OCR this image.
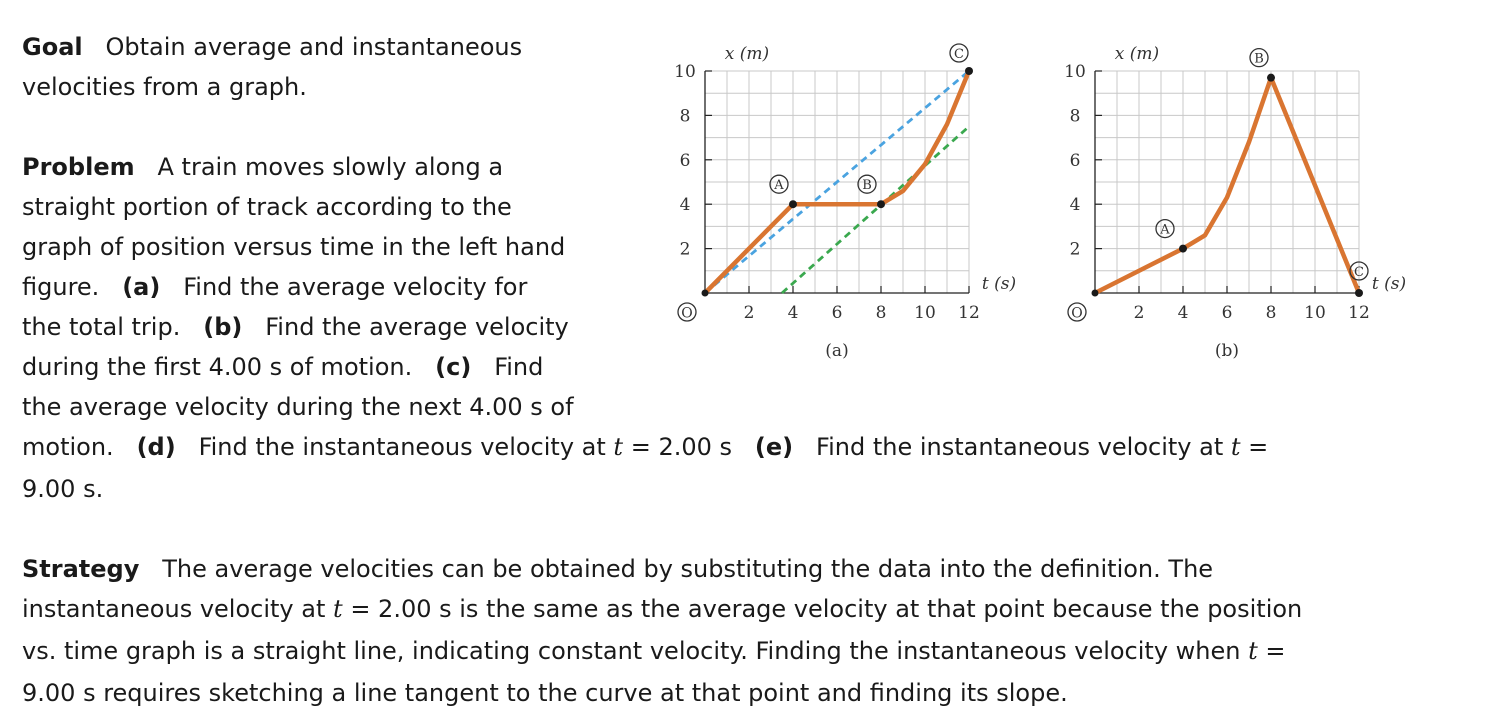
Goal Obtain average and instantaneous
velocities from a graph.
Problem A train moves slowly along a
straight portion of track according to the
graph of position versus time in the left hand
figure. (a) Find the average velocity for
the total trip. (b) Find the average velocity
during the first 4.00 s of motion. (c) Find
the average velocity during the next 4.00 s of
motion. (d) Find the instantaneous velocity at t = 2.00 s (e) Find the instantaneous velocity at t =
9.00 s.
Strategy The average velocities can be obtained by substituting the data into the definition. The
instantaneous velocity at t = 2.00 s is the same as the average velocity at that point because the position
vs. time graph is a straight line, indicating constant velocity. Finding the instantaneous velocity when t =
9.00 s requires sketching a line tangent to the curve at that point and finding its slope.
2 4 6 8 10 12
2
4
6
8
10
x (m)
t (s)
O
(a)
A	B
C
2 4 6 8 10 12
2
4
6
8
10
x (m)
t (s)
O
(b)
A
B
C
